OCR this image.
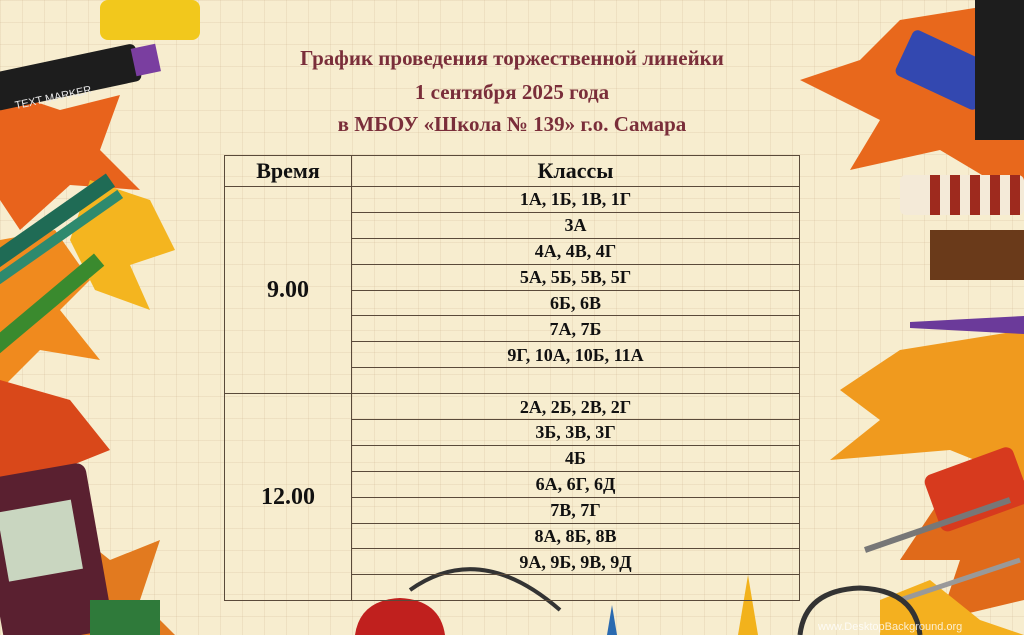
TEXT MARKER
www.DesktopBackground.org
График проведения торжественной линейки
1 сентября 2025 года
в МБОУ «Школа № 139» г.о. Самара
Время	Классы
9.00	1А, 1Б, 1В, 1Г
	3А
	4А, 4В, 4Г
	5А, 5Б, 5В, 5Г
	6Б, 6В
	7А, 7Б
	9Г, 10А, 10Б, 11А

12.00	2А, 2Б, 2В, 2Г
	3Б, 3В, 3Г
	4Б
	6А, 6Г, 6Д
	7В, 7Г
	8А, 8Б, 8В
	9А, 9Б, 9В, 9Д
